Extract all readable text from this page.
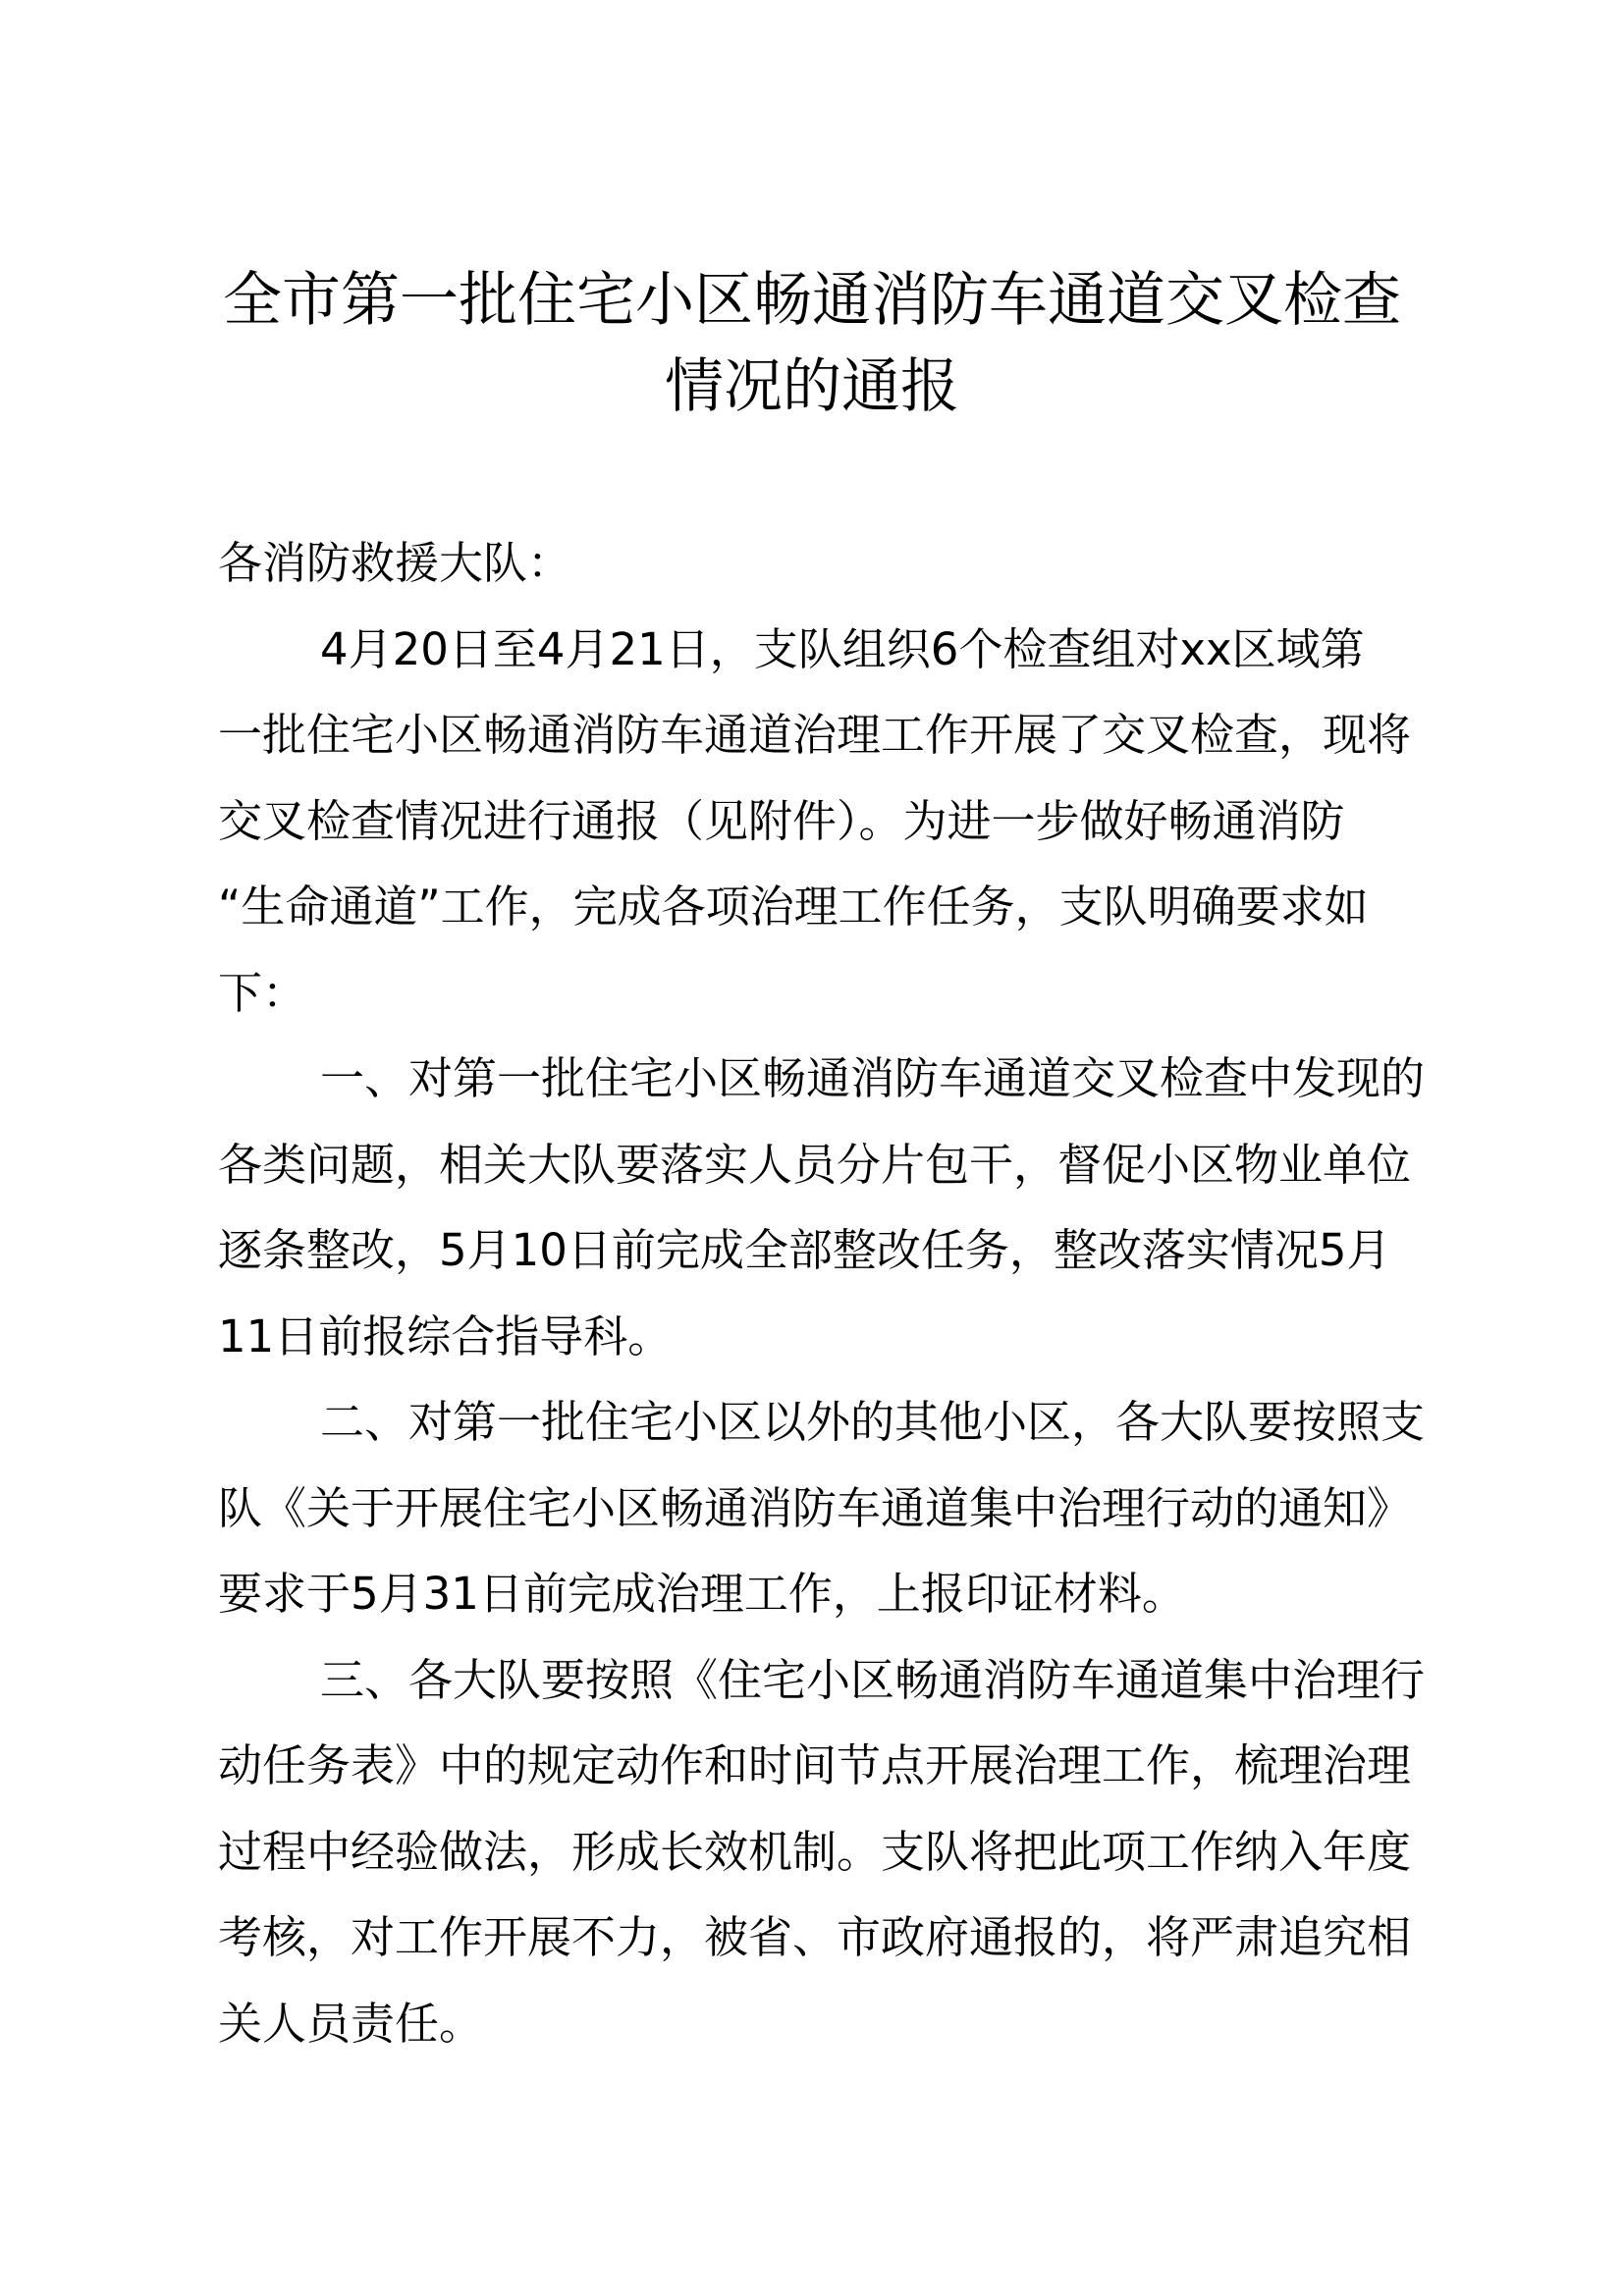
全市第一批住宅小区畅通消防车通道交叉检查
情况的通报
各消防救援大队：
4月20日至4月21日，支队组织6个检查组对xx区域第
一批住宅小区畅通消防车通道治理工作开展了交叉检查，现将
交叉检查情况进行通报（见附件）。为进一步做好畅通消防
“生命通道”工作，完成各项治理工作任务，支队明确要求如
下：
一、对第一批住宅小区畅通消防车通道交叉检查中发现的
各类问题，相关大队要落实人员分片包干，督促小区物业单位
逐条整改，5月10日前完成全部整改任务，整改落实情况5月
11日前报综合指导科。
二、对第一批住宅小区以外的其他小区，各大队要按照支
队《关于开展住宅小区畅通消防车通道集中治理行动的通知》
要求于5月31日前完成治理工作，上报印证材料。
三、各大队要按照《住宅小区畅通消防车通道集中治理行
动任务表》中的规定动作和时间节点开展治理工作，梳理治理
过程中经验做法，形成长效机制。支队将把此项工作纳入年度
考核，对工作开展不力，被省、市政府通报的，将严肃追究相
关人员责任。
